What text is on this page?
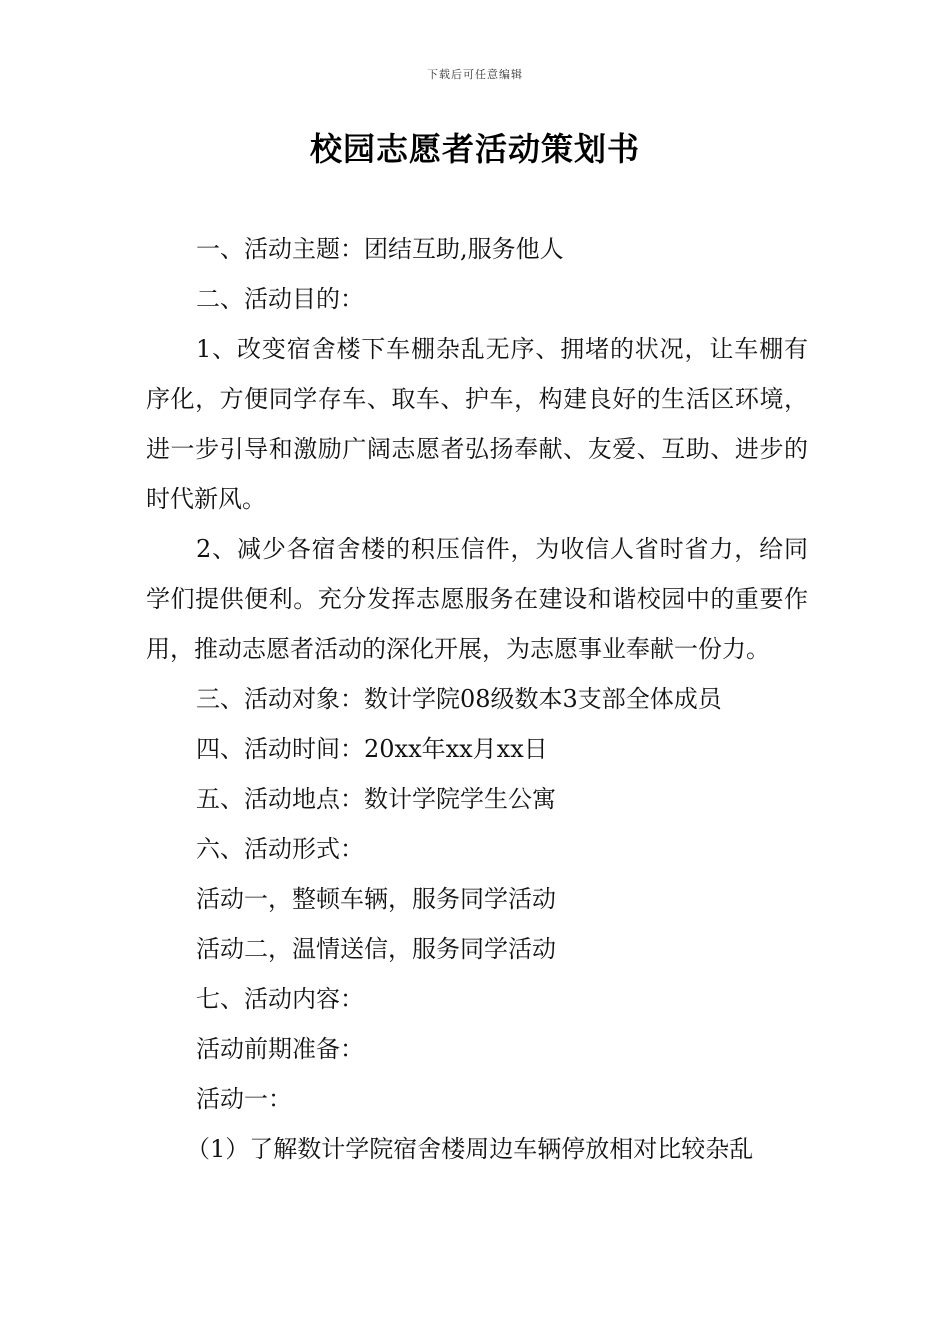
下载后可任意编辑
校园志愿者活动策划书

一、活动主题：团结互助,服务他人

二、活动目的：

1、改变宿舍楼下车棚杂乱无序、拥堵的状况，让车棚有序化，方便同学存车、取车、护车，构建良好的生活区环境，进一步引导和激励广阔志愿者弘扬奉献、友爱、互助、进步的时代新风。

2、减少各宿舍楼的积压信件，为收信人省时省力，给同学们提供便利。充分发挥志愿服务在建设和谐校园中的重要作用，推动志愿者活动的深化开展，为志愿事业奉献一份力。

三、活动对象：数计学院08级数本3支部全体成员

四、活动时间：20xx年xx月xx日

五、活动地点：数计学院学生公寓

六、活动形式：

活动一，整顿车辆，服务同学活动

活动二，温情送信，服务同学活动

七、活动内容：

活动前期准备：

活动一：

（1）了解数计学院宿舍楼周边车辆停放相对比较杂乱
